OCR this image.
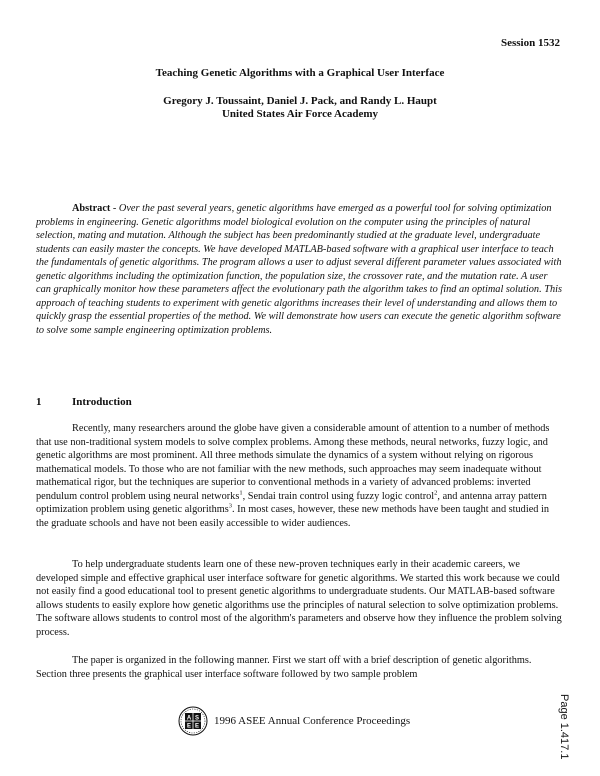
Session 1532
Teaching Genetic Algorithms with a Graphical User Interface
Gregory J. Toussaint, Daniel J. Pack, and Randy L. Haupt
United States Air Force Academy
Abstract - Over the past several years, genetic algorithms have emerged as a powerful tool for solving optimization problems in engineering. Genetic algorithms model biological evolution on the computer using the principles of natural selection, mating and mutation. Although the subject has been predominantly studied at the graduate level, undergraduate students can easily master the concepts. We have developed MATLAB-based software with a graphical user interface to teach the fundamentals of genetic algorithms. The program allows a user to adjust several different parameter values associated with genetic algorithms including the optimization function, the population size, the crossover rate, and the mutation rate. A user can graphically monitor how these parameters affect the evolutionary path the algorithm takes to find an optimal solution. This approach of teaching students to experiment with genetic algorithms increases their level of understanding and allows them to quickly grasp the essential properties of the method. We will demonstrate how users can execute the genetic algorithm software to solve some sample engineering optimization problems.
1	Introduction
Recently, many researchers around the globe have given a considerable amount of attention to a number of methods that use non-traditional system models to solve complex problems. Among these methods, neural networks, fuzzy logic, and genetic algorithms are most prominent. All three methods simulate the dynamics of a system without relying on rigorous mathematical models. To those who are not familiar with the new methods, such approaches may seem inadequate without mathematical rigor, but the techniques are superior to conventional methods in a variety of advanced problems: inverted pendulum control problem using neural networks$^1$, Sendai train control using fuzzy logic control$^2$, and antenna array pattern optimization problem using genetic algorithms$^3$. In most cases, however, these new methods have been taught and studied in the graduate schools and have not been easily accessible to wider audiences.
To help undergraduate students learn one of these new-proven techniques early in their academic careers, we developed simple and effective graphical user interface software for genetic algorithms. We started this work because we could not easily find a good educational tool to present genetic algorithms to undergraduate students. Our MATLAB-based software allows students to easily explore how genetic algorithms use the principles of natural selection to solve optimization problems. The software allows students to control most of the algorithm's parameters and observe how they influence the problem solving process.
The paper is organized in the following manner. First we start off with a brief description of genetic algorithms. Section three presents the graphical user interface software followed by two sample problem
A S
E E 1996 ASEE Annual Conference Proceedings	Page 1.417.1
